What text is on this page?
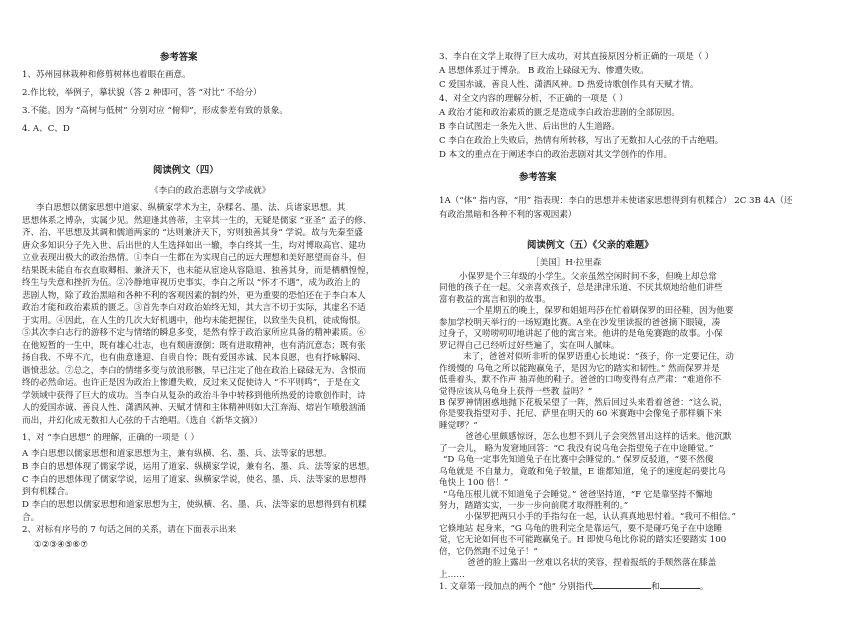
参考答案
1、苏州园林栽种和修剪树林也着眼在画意。
2.作比较，举例子，摹状貌（答 2 种即可，答 “对比” 不给分）
3.不能。因为 “高树与低树” 分别对应 “俯仰”，形成参差有致的景象。
4. A、C、D
阅读例文（四）
《李白的政治悲剧与文学成就》
李白思想以儒家思想中道家、纵横家学术为主，杂糅名、墨、法、兵诸家思想。其
思想体系之博杂，实属少见。然迎逢其兽蒂，主宰其一生的，无疑是儒家 “亚圣” 孟子的修、
齐、治、平思想及其调和儒道两家的 “达则兼济天下，穷则独善其身” 学说。故与先秦至盛
唐众多知识分子先入世、后出世的人生选择如出一辙，李白终其一生，均对博取高官、建功
立业表现出极大的政治热情。①李白一生都在为实现自己的远大理想和美好愿望而奋斗，但
结果既未能自布衣直取卿相、兼济天下，也未能从宦途从容隐退、独善其身，而是栖栖惶惶，
终生与失意和挫折为伍。②冷静地审视历史事实，李白之所以 “怀才不遇”，成为政治上的
悲剧人物，除了政治黑暗和各种不利的客观因素的制约外，更为重要的恐怕还在于李白本人
政治才能和政治素质的匮乏。③首先李白对政治始终无知，其大言不切于实际，其虚名不适
于实用。④因此，在人生的几次大好机遇中，他均未能把握住，以致坐失良机，徒成悔恨。
⑤其次李白志行的游移不定与情绪的瞬息多变，是然有悖于政治家所应具备的精神素质。⑥
在他短暂的一生中，既有雄心壮志，也有颓唐潦倒；既有进取精神，也有消沉意态；既有张
扬自我、不卑不亢，也有曲意逢迎、自贵自怜；既有爱国赤诚、民本良愿，也有抒咏解闷、
谐愤悲忿。⑦总之，李白的情绪多变与放浪形骸，早已注定了他在政治上碌碌无为、含恨而
终的必然命运。也许正是因为政治上惨遭失败，反过来又促使诗人 “不平则鸣”，于是在文
学领域中获得了巨大的成功。当李白从复杂的政治斗争中转移到他所热爱的诗歌创作时，诗
人的爱国赤诚、善良人性、潇洒风神、天赋才情和主体精神则如大江奔海、熔岩乍喷般汹涌
而出，并幻化成无数扣人心弦的千古绝唱。（选自《新华文摘》）
1、对 “李白思想” 的理解，正确的一项是（ ）
A 李白思想以儒家思想和道家思想为主，兼有纵横、名、墨、兵、法等家的思想。
B 李白的思想体现了儒家学说，运用了道家、纵横家学说，兼有名、墨、兵、法等家的思想。
C 李白的思想体现了儒家学说，运用了道家、纵横家学说，使名、墨、兵、法等家的思想得
到有机糅合。
D 李白的思想以儒家思想和道家思想为主，使纵横、名、墨、兵、法等家的思想得到有机糅
合。
2、对标有序号的 7 句话之间的关系，请在下面表示出来
①②③④⑤⑥⑦
3、李白在文学上取得了巨大成功，对其直接原因分析正确的一项是（ ）
A 思想体系过于博杂。 B 政治上碌碌无为、惨遭失败。
C 爱国赤诚、善良人性、潇洒风神。D 热爱诗歌创作具有天赋才情。
4、对全文内容的理解分析，不正确的一项是（ ）
A 政治才能和政治素质的匮乏是造成李白政治悲剧的全部原因。
B 李白试图走一条先入世、后出世的人生道路。
C 李白在政治上失败后，热情有所转移，写出了无数扣人心弦的千古绝唱。
D 本文的重点在于阐述李白的政治悲剧对其文学创作的作用。
参考答案
1A（“体” 指内容，“用” 指表现：李白的思想并未使诸家思想得到有机糅合） 2C 3B 4A（还
有政治黑暗和各种不利的客观因素）
阅读例文（五）《父亲的难题》
［美国］H·拉里森
小保罗是个三年级的小学生。父亲虽然空闲时间不多，但晚上却总常
同他的孩子在一起。父亲喜欢孩子，总是津津乐道、不厌其烦地给他们讲些
富有教益的寓言和别的故事。
一个星期五的晚上，保罗和姐姐玛莎在忙着刷保罗的田径鞋，因为他要
参加学校明天举行的一场短跑比赛。A坐在沙发里读报的爸爸摘下眼镜，凑
过身子，又唠唠叨叨地讲起了他的寓言来。他讲的是龟兔赛跑的故事。小保
罗记得自己已经听过好些遍了，实在叫人腻味。
末了，爸爸对似听非听的保罗语重心长地说：“孩子，你一定要记住，动
作缓慢的 乌龟之所以能跑赢兔子，是因为它的踏实和韧性。” 然而保罗并是
低垂着头，默不作声 抽弄他的鞋子。爸爸的口吻变得有点严肃：“难道你不
觉得应该从乌龟身上获得一些教 益吗？”
B 保罗神情困惑地抛下花板呆望了一阵，然后回过头来看着爸爸：“这么说，
你是要我指望对手、托尼、萨里在明天的 60 米赛跑中会像兔子那样躺下来
睡觉啰？”
爸爸心里颇感惊讶，怎么也想不到儿子会突然冒出这样的话来。他沉默
了一会儿， 略为发窘地回答：“C 我没有说乌龟会指望兔子在中途睡觉。”
“D 乌龟一定事先知道兔子在比赛中会睡觉的。” 保罗反驳道，“要不然傻
乌龟就是 不自量力，竟敢和兔子较量，E 谁都知道，兔子的速度起码要比乌
龟快上 100 倍！”
“乌龟压根儿就不知道兔子会睡觉。” 爸爸坚持道，“F 它是靠坚持不懈地
努力，踏踏实实，一步一步向前爬才取得胜利的。”
小保罗把两只小手的手指勾在一起，认认真真地思忖着。“我可不相信。”
它倏地站 起身来，“G 乌龟的胜利完全是靠运气，要不是碰巧兔子在中途睡
觉，它无论如何也不可能跑赢兔子。H 即使乌龟比你说的踏实还要踏实 100
倍，它仍然跑不过兔子！”
爸爸的脸上露出一丝难以名状的笑容，捏着报纸的手颓然落在膝盖
上……
1. 文章第一段加点的两个 “他” 分别指代	和	。
